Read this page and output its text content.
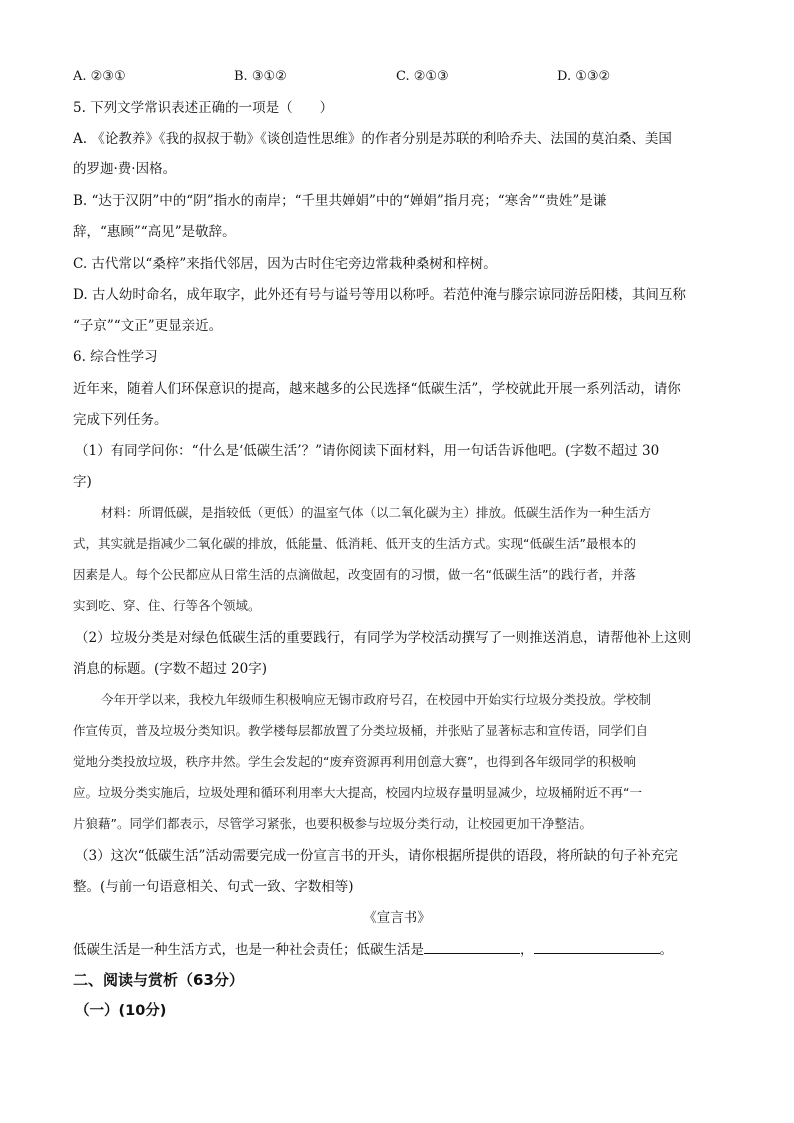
A. ②③①	B. ③①②	C. ②①③	D. ①③②
5. 下列文学常识表述正确的一项是（　　）
A. 《论教养》《我的叔叔于勒》《谈创造性思维》的作者分别是苏联的利哈乔夫、法国的莫泊桑、美国
的罗迦·费·因格。
B. “达于汉阴”中的“阴”指水的南岸；“千里共婵娟”中的“婵娟”指月亮；“寒舍”“贵姓”是谦
辞，“惠顾”“高见”是敬辞。
C. 古代常以“桑梓”来指代邻居，因为古时住宅旁边常栽种桑树和梓树。
D. 古人幼时命名，成年取字，此外还有号与谥号等用以称呼。若范仲淹与滕宗谅同游岳阳楼，其间互称
“子京”“文正”更显亲近。
6. 综合性学习
近年来，随着人们环保意识的提高，越来越多的公民选择“低碳生活”，学校就此开展一系列活动，请你
完成下列任务。
（1）有同学问你：“什么是‘低碳生活’？”请你阅读下面材料，用一句话告诉他吧。(字数不超过 30
字)
材料：所谓低碳，是指较低（更低）的温室气体（以二氧化碳为主）排放。低碳生活作为一种生活方
式，其实就是指减少二氧化碳的排放，低能量、低消耗、低开支的生活方式。实现“低碳生活”最根本的
因素是人。每个公民都应从日常生活的点滴做起，改变固有的习惯，做一名“低碳生活”的践行者，并落
实到吃、穿、住、行等各个领域。
（2）垃圾分类是对绿色低碳生活的重要践行，有同学为学校活动撰写了一则推送消息，请帮他补上这则
消息的标题。(字数不超过 20字)
今年开学以来，我校九年级师生积极响应无锡市政府号召，在校园中开始实行垃圾分类投放。学校制
作宣传页，普及垃圾分类知识。教学楼每层都放置了分类垃圾桶，并张贴了显著标志和宣传语，同学们自
觉地分类投放垃圾，秩序井然。学生会发起的“废弃资源再利用创意大赛”，也得到各年级同学的积极响
应。垃圾分类实施后，垃圾处理和循环利用率大大提高，校园内垃圾存量明显减少，垃圾桶附近不再“一
片狼藉”。同学们都表示，尽管学习紧张，也要积极参与垃圾分类行动，让校园更加干净整洁。
（3）这次“低碳生活”活动需要完成一份宣言书的开头，请你根据所提供的语段，将所缺的句子补充完
整。(与前一句语意相关、句式一致、字数相等)
《宣言书》
低碳生活是一种生活方式，也是一种社会责任；低碳生活是	，	。
二、阅读与赏析（63分）
（一）(10分)
